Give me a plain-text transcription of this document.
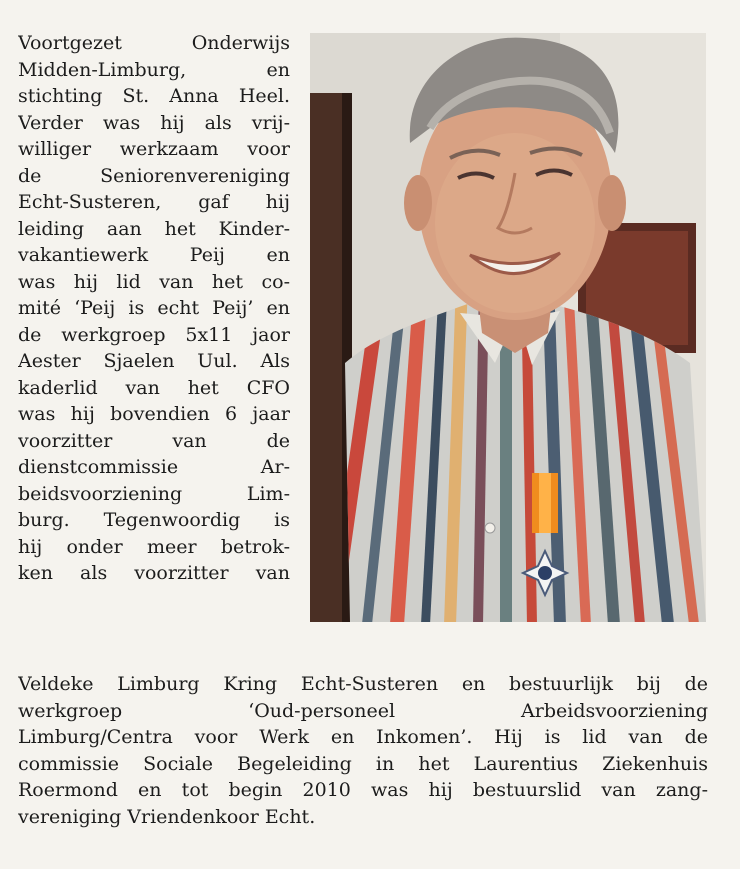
Voortgezet Onderwijs
Midden-Limburg, en
stichting St. Anna Heel.
Verder was hij als vrij-
williger werkzaam voor
de Seniorenvereniging
Echt-Susteren, gaf hij
leiding aan het Kinder-
vakantiewerk Peij en
was hij lid van het co-
mité ‘Peij is echt Peij’ en
de werkgroep 5x11 jaor
Aester Sjaelen Uul. Als
kaderlid van het CFO
was hij bovendien 6 jaar
voorzitter van de
dienstcommissie Ar-
beidsvoorziening Lim-
burg. Tegenwoordig is
hij onder meer betrok-
ken als voorzitter van
Veldeke Limburg Kring Echt-Susteren en bestuurlijk bij de
werkgroep ‘Oud-personeel Arbeidsvoorziening
Limburg/Centra voor Werk en Inkomen’. Hij is lid van de
commissie Sociale Begeleiding in het Laurentius Ziekenhuis
Roermond en tot begin 2010 was hij bestuurslid van zang-
vereniging Vriendenkoor Echt.
